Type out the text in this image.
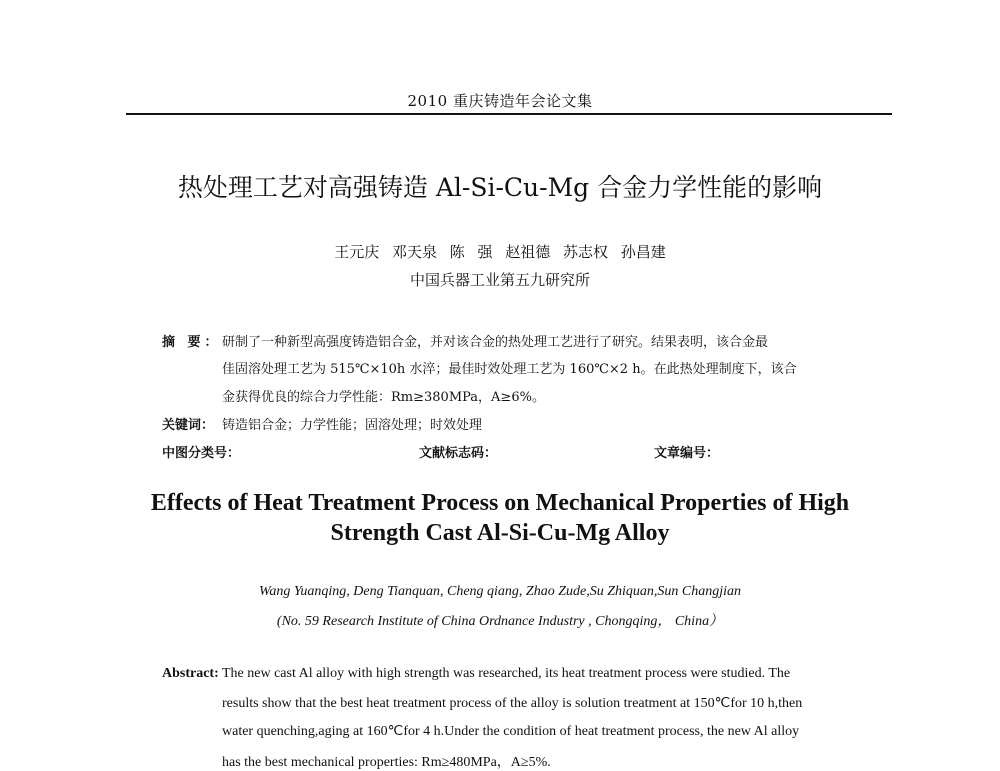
2010 重庆铸造年会论文集
热处理工艺对高强铸造 Al-Si-Cu-Mg 合金力学性能的影响
王元庆 邓天泉 陈 强 赵祖德 苏志权 孙昌建
中国兵器工业第五九研究所
摘 要： 研制了一种新型高强度铸造铝合金，并对该合金的热处理工艺进行了研究。结果表明，该合金最
佳固溶处理工艺为 515℃×10h 水淬；最佳时效处理工艺为 160℃×2 h。在此热处理制度下，该合
金获得优良的综合力学性能：Rm≥380MPa，A≥6%。
关键词： 铸造铝合金；力学性能；固溶处理；时效处理
中图分类号：	文献标志码：	文章编号：
Effects of Heat Treatment Process on Mechanical Properties of High
Strength Cast Al-Si-Cu-Mg Alloy
Wang Yuanqing, Deng Tianquan, Cheng qiang, Zhao Zude,Su Zhiquan,Sun Changjian
(No. 59 Research Institute of China Ordnance Industry , Chongqing， China）
Abstract: The new cast Al alloy with high strength was researched, its heat treatment process were studied. The
results show that the best heat treatment process of the alloy is solution treatment at 150℃for 10 h,then
water quenching,aging at 160℃for 4 h.Under the condition of heat treatment process, the new Al alloy
has the best mechanical properties: Rm≥480MPa，A≥5%.
